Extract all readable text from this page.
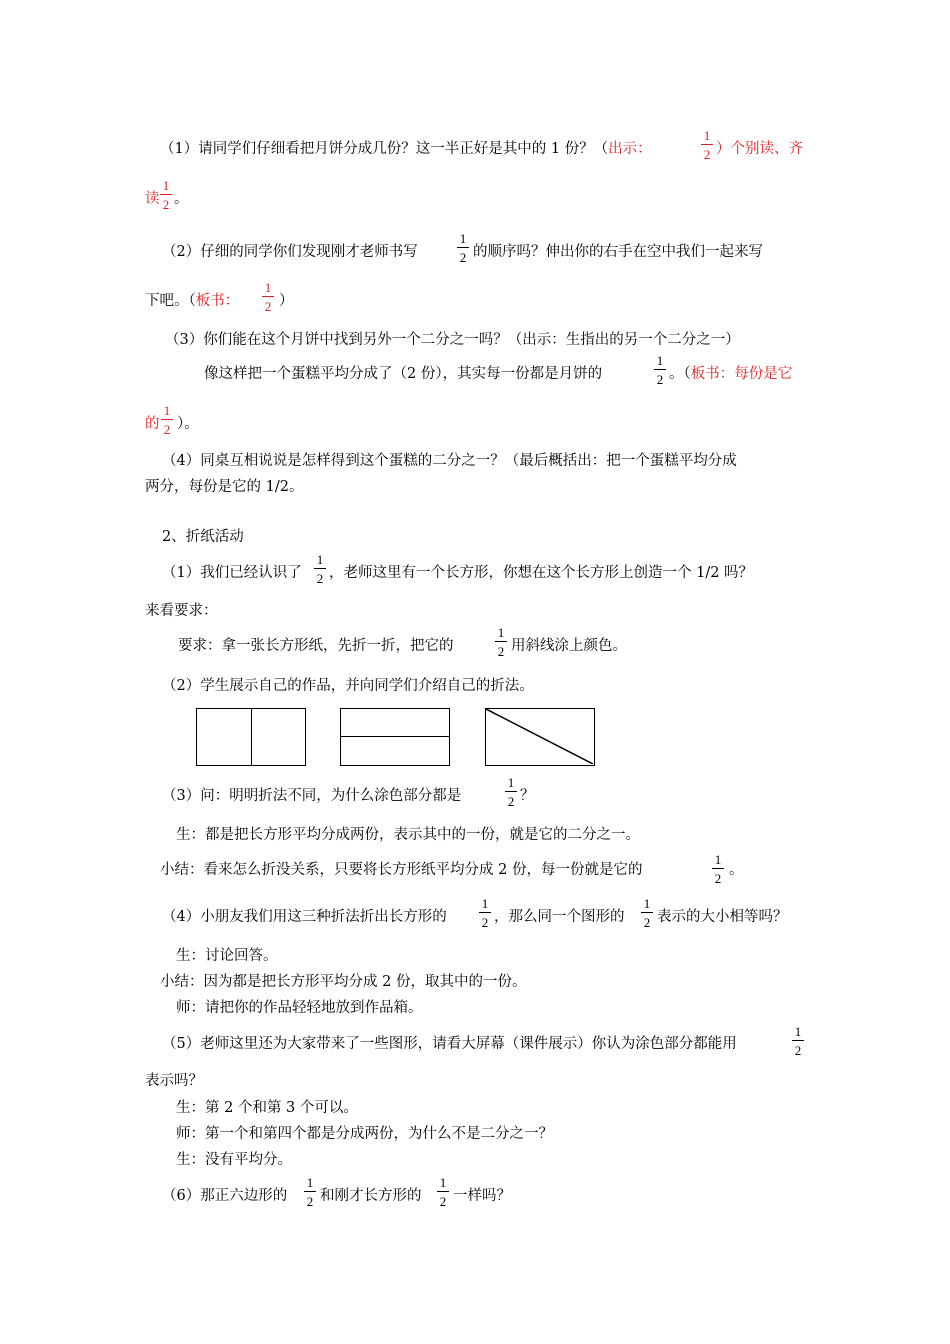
（1）请同学们仔细看把月饼分成几份？这一半正好是其中的 1 份？（出示：
1
2 ）个别读、齐
读
1
2 。
（2）仔细的同学你们发现刚才老师书写
1
2 的顺序吗？伸出你的右手在空中我们一起来写
下吧。（板书：
1
2 ）
（3）你们能在这个月饼中找到另外一个二分之一吗？（出示：生指出的另一个二分之一）
像这样把一个蛋糕平均分成了（2 份），其实每一份都是月饼的
1
2 。（板书：每份是它
的
1
2 ）。
（4）同桌互相说说是怎样得到这个蛋糕的二分之一？（最后概括出：把一个蛋糕平均分成
两分，每份是它的 1/2。
2、折纸活动
（1）我们已经认识了
1
2 ，老师这里有一个长方形，你想在这个长方形上创造一个 1/2 吗？
来看要求：
要求：拿一张长方形纸，先折一折，把它的
1
2 用斜线涂上颜色。
（2）学生展示自己的作品，并向同学们介绍自己的折法。
（3）问：明明折法不同，为什么涂色部分都是
1
2 ？
生：都是把长方形平均分成两份，表示其中的一份，就是它的二分之一。
小结：看来怎么折没关系，只要将长方形纸平均分成 2 份，每一份就是它的
1
2
。
（4）小朋友我们用这三种折法折出长方形的
1
2 ，那么同一个图形的
1
2 表示的大小相等吗？
生：讨论回答。
小结：因为都是把长方形平均分成 2 份，取其中的一份。
师：请把你的作品轻轻地放到作品箱。
（5）老师这里还为大家带来了一些图形，请看大屏幕（课件展示）你认为涂色部分都能用
1
2
表示吗？
生：第 2 个和第 3 个可以。
师：第一个和第四个都是分成两份，为什么不是二分之一？
生：没有平均分。
（6）那正六边形的
1
2 和刚才长方形的
1
2 一样吗？
